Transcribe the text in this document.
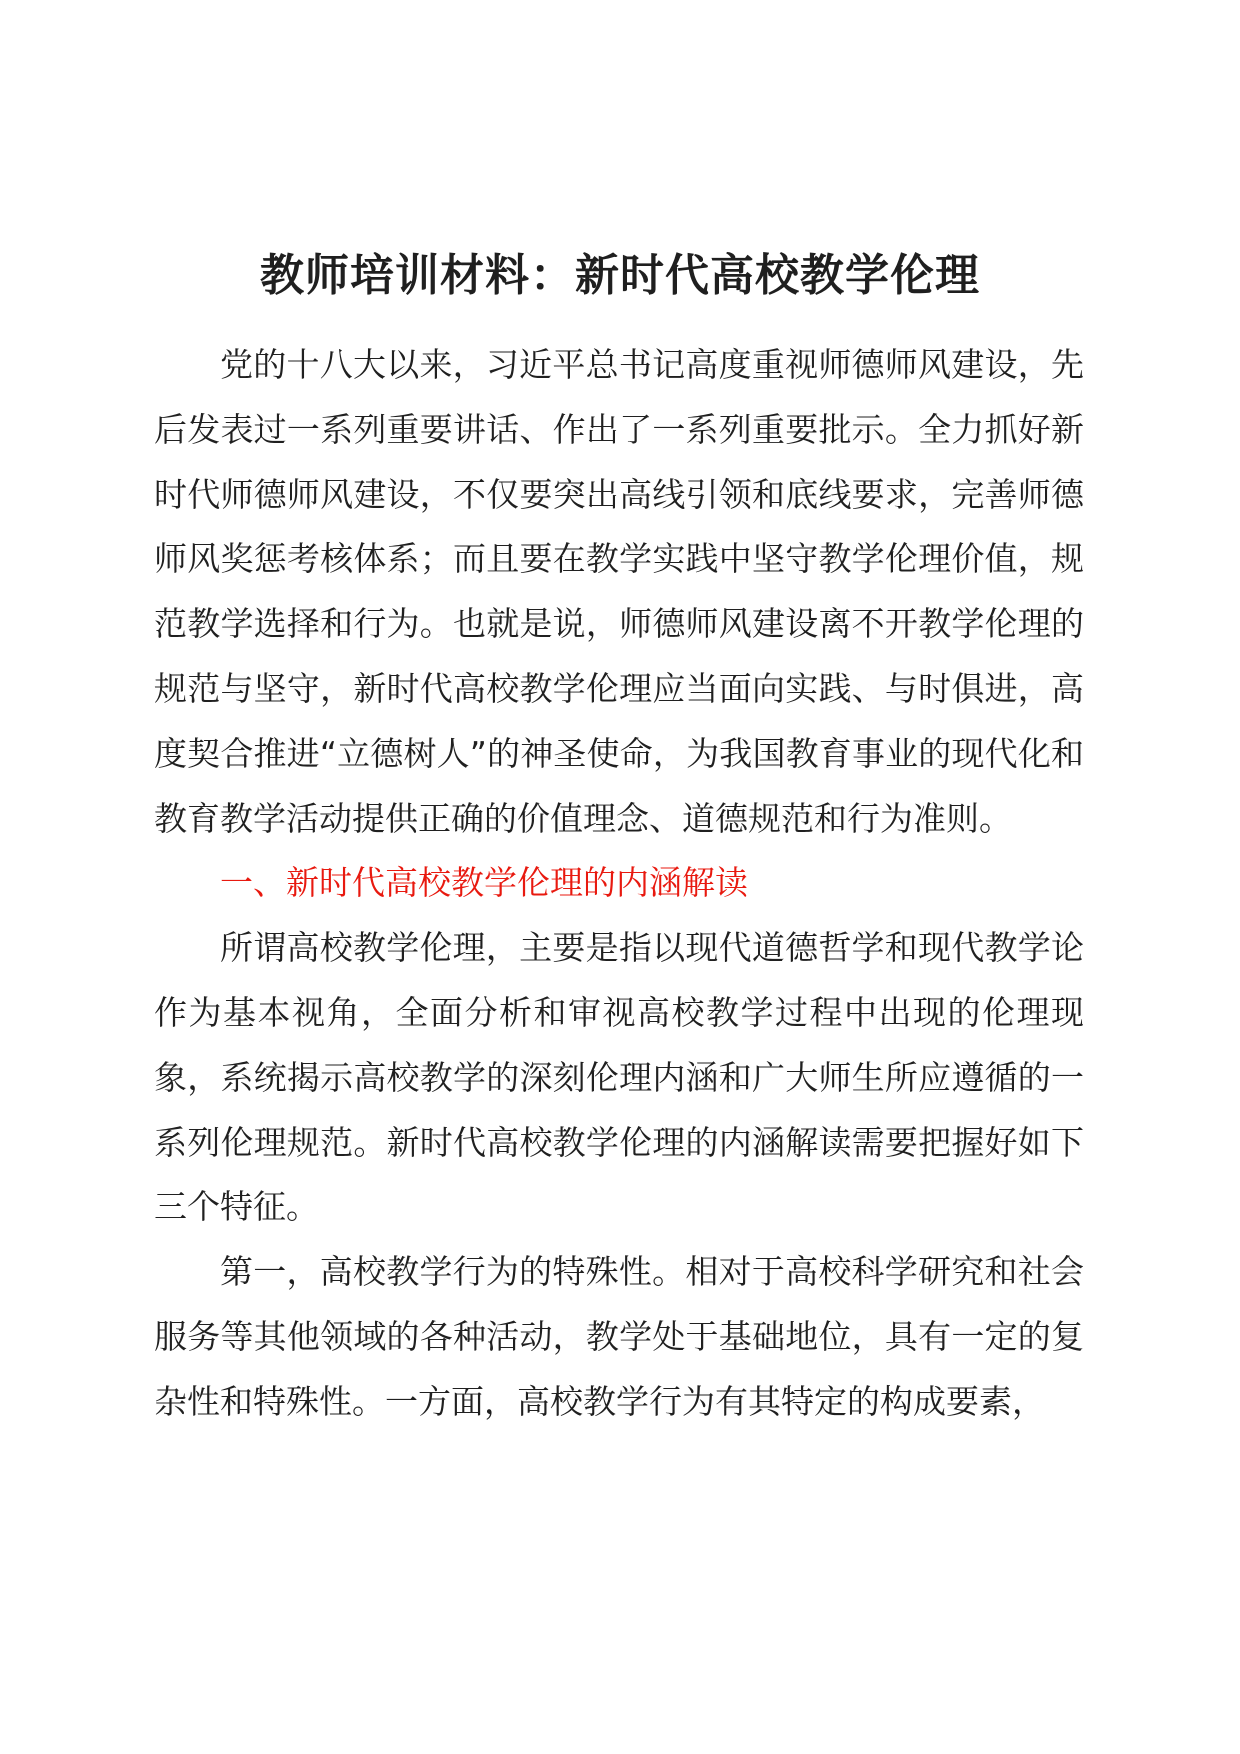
教师培训材料：新时代高校教学伦理

党的十八大以来，习近平总书记高度重视师德师风建设，先后发表过一系列重要讲话、作出了一系列重要批示。全力抓好新时代师德师风建设，不仅要突出高线引领和底线要求，完善师德师风奖惩考核体系；而且要在教学实践中坚守教学伦理价值，规范教学选择和行为。也就是说，师德师风建设离不开教学伦理的规范与坚守，新时代高校教学伦理应当面向实践、与时俱进，高度契合推进“立德树人”的神圣使命，为我国教育事业的现代化和教育教学活动提供正确的价值理念、道德规范和行为准则。

一、新时代高校教学伦理的内涵解读

所谓高校教学伦理，主要是指以现代道德哲学和现代教学论作为基本视角，全面分析和审视高校教学过程中出现的伦理现象，系统揭示高校教学的深刻伦理内涵和广大师生所应遵循的一系列伦理规范。新时代高校教学伦理的内涵解读需要把握好如下三个特征。

第一，高校教学行为的特殊性。相对于高校科学研究和社会服务等其他领域的各种活动，教学处于基础地位，具有一定的复杂性和特殊性。一方面，高校教学行为有其特定的构成要素，
